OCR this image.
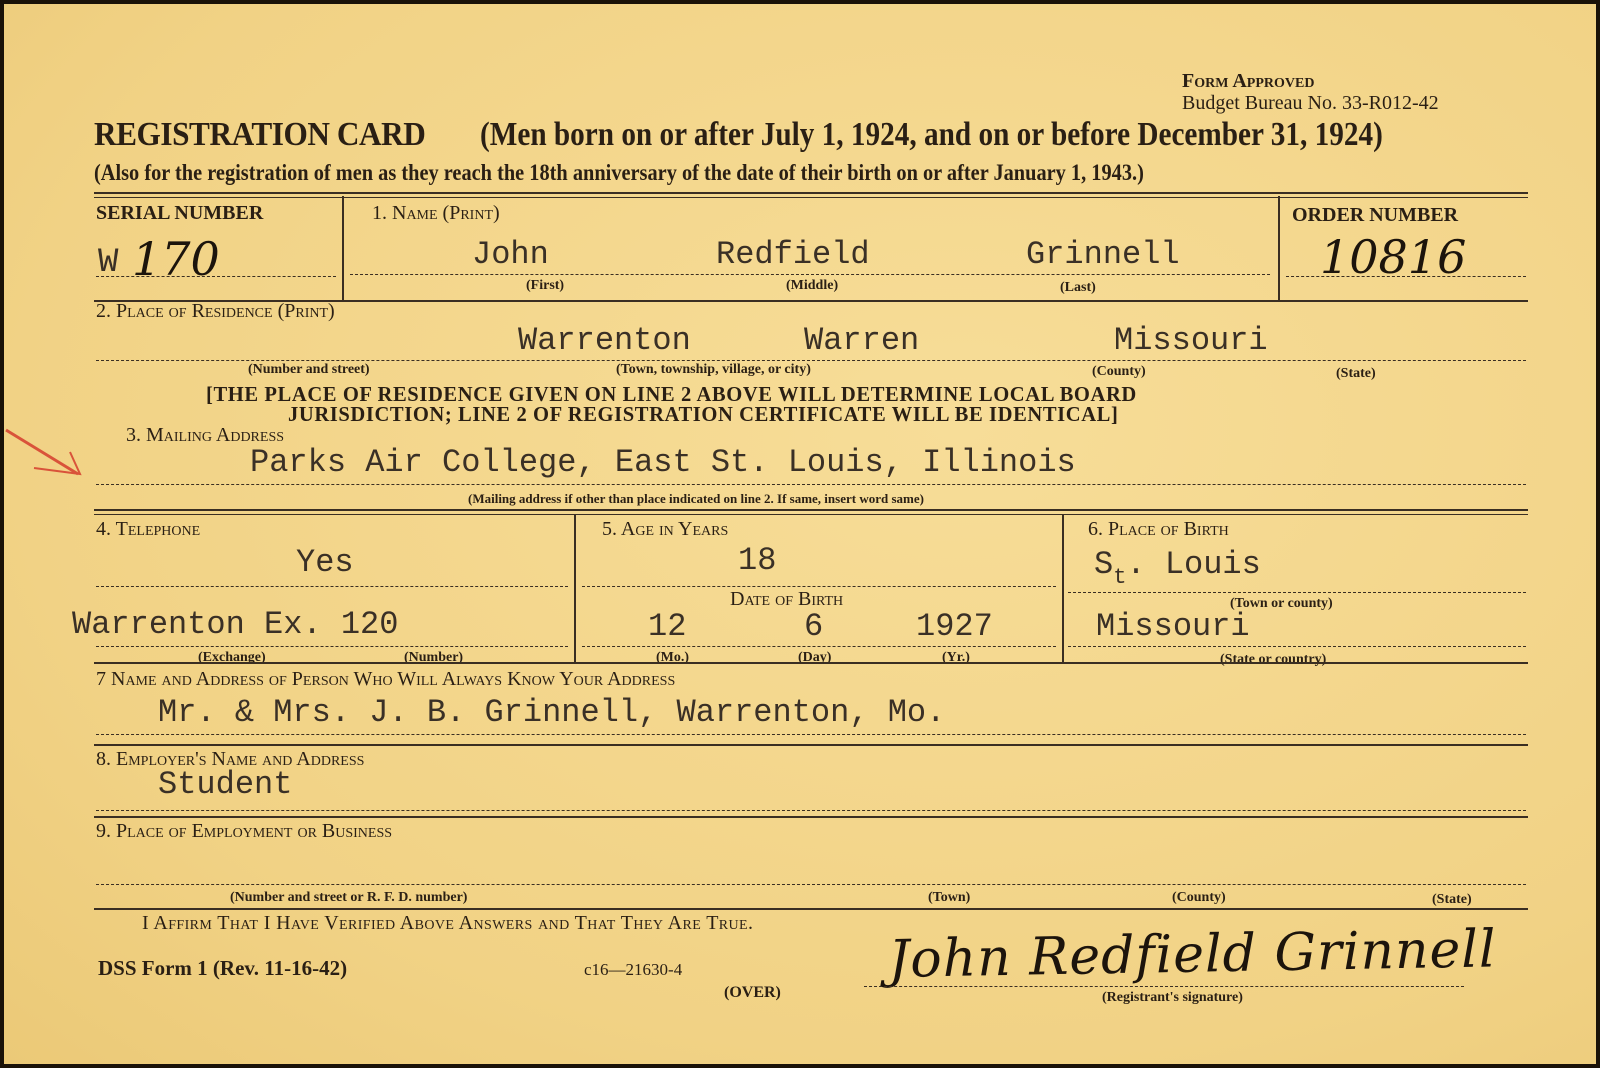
Form Approved
Budget Bureau No. 33-R012-42
REGISTRATION CARD (Men born on or after July 1, 1924, and on or before December 31, 1924)
(Also for the registration of men as they reach the 18th anniversary of the date of their birth on or after January 1, 1943.)
SERIAL NUMBER
W 170
1. Name (Print)
John	Redfield	Grinnell
(First)	(Middle)	(Last)
ORDER NUMBER
10816
2. Place of Residence (Print)
Warrenton	Warren	Missouri
(Number and street)	(Town, township, village, or city)	(County)	(State)
[THE PLACE OF RESIDENCE GIVEN ON LINE 2 ABOVE WILL DETERMINE LOCAL BOARD
JURISDICTION; LINE 2 OF REGISTRATION CERTIFICATE WILL BE IDENTICAL]
3. Mailing Address
Parks Air College, East St. Louis, Illinois
(Mailing address if other than place indicated on line 2. If same, insert word same)
4. Telephone
Yes
Warrenton Ex. 120
(Exchange)	(Number)
5. Age in Years
18
Date of Birth
12	6	1927
(Mo.)	(Day)	(Yr.)
6. Place of Birth
$S_t$. Louis
(Town or county)
Missouri
(State or country)
7 Name and Address of Person Who Will Always Know Your Address
Mr. & Mrs. J. B. Grinnell, Warrenton, Mo.
8. Employer's Name and Address
Student
9. Place of Employment or Business
(Number and street or R. F. D. number)	(Town)	(County)	(State)
I Affirm That I Have Verified Above Answers and That They Are True.
DSS Form 1 (Rev. 11-16-42)	c16—21630-4
(OVER)
John Redfield Grinnell
(Registrant's signature)
